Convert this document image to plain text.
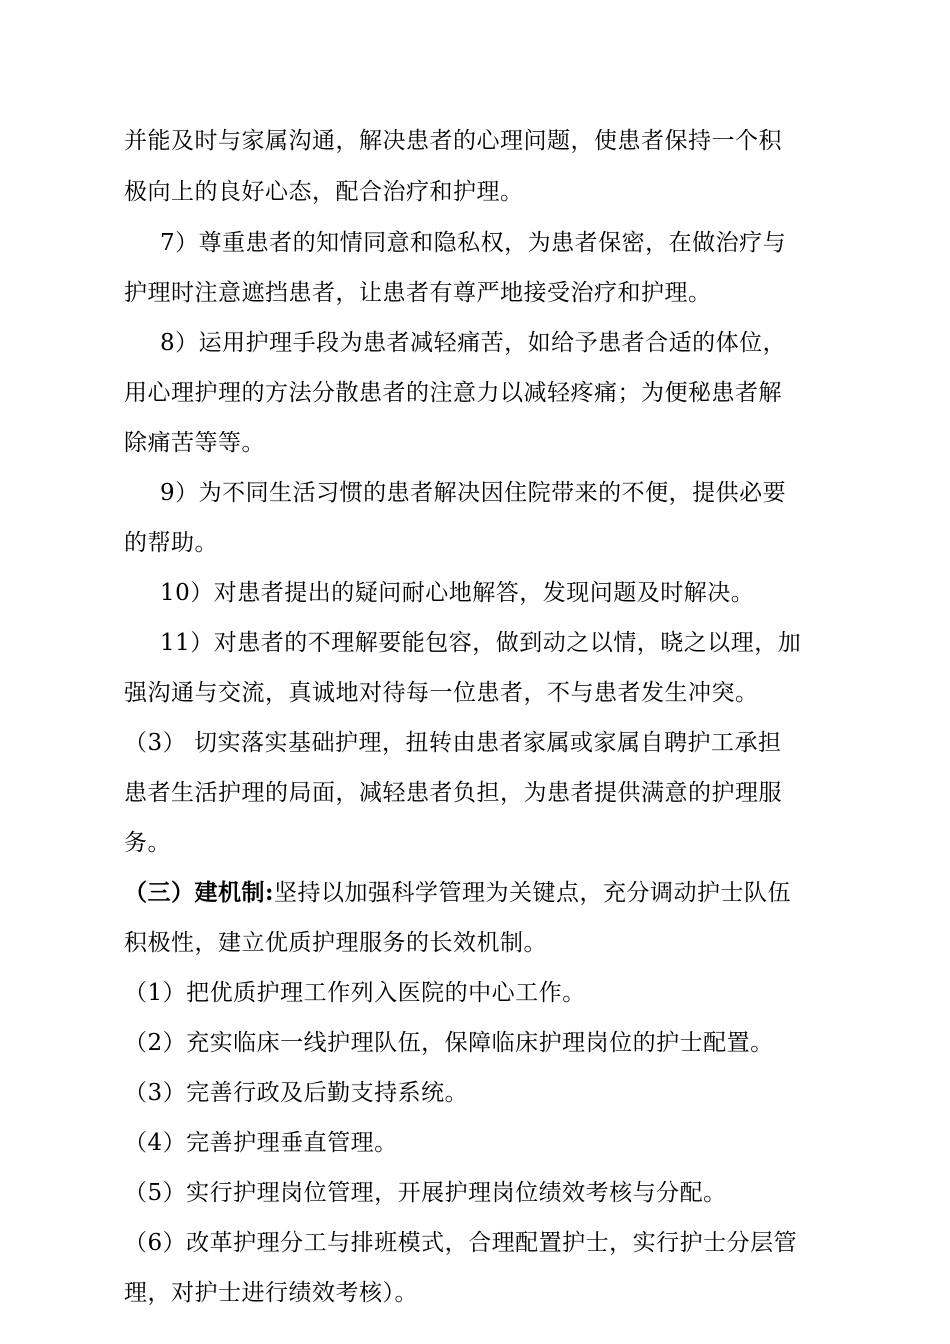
并能及时与家属沟通，解决患者的心理问题，使患者保持一个积
极向上的良好心态，配合治疗和护理。
7）尊重患者的知情同意和隐私权，为患者保密，在做治疗与
护理时注意遮挡患者，让患者有尊严地接受治疗和护理。
8）运用护理手段为患者减轻痛苦，如给予患者合适的体位，
用心理护理的方法分散患者的注意力以减轻疼痛；为便秘患者解
除痛苦等等。
9）为不同生活习惯的患者解决因住院带来的不便，提供必要
的帮助。
10）对患者提出的疑问耐心地解答，发现问题及时解决。
11）对患者的不理解要能包容，做到动之以情，晓之以理，加
强沟通与交流，真诚地对待每一位患者，不与患者发生冲突。
（3） 切实落实基础护理，扭转由患者家属或家属自聘护工承担
患者生活护理的局面，减轻患者负担，为患者提供满意的护理服
务。
（三）建机制:坚持以加强科学管理为关键点，充分调动护士队伍
积极性，建立优质护理服务的长效机制。
（1）把优质护理工作列入医院的中心工作。
（2）充实临床一线护理队伍，保障临床护理岗位的护士配置。
（3）完善行政及后勤支持系统。
（4）完善护理垂直管理。
（5）实行护理岗位管理，开展护理岗位绩效考核与分配。
（6）改革护理分工与排班模式，合理配置护士，实行护士分层管
理，对护士进行绩效考核）。
